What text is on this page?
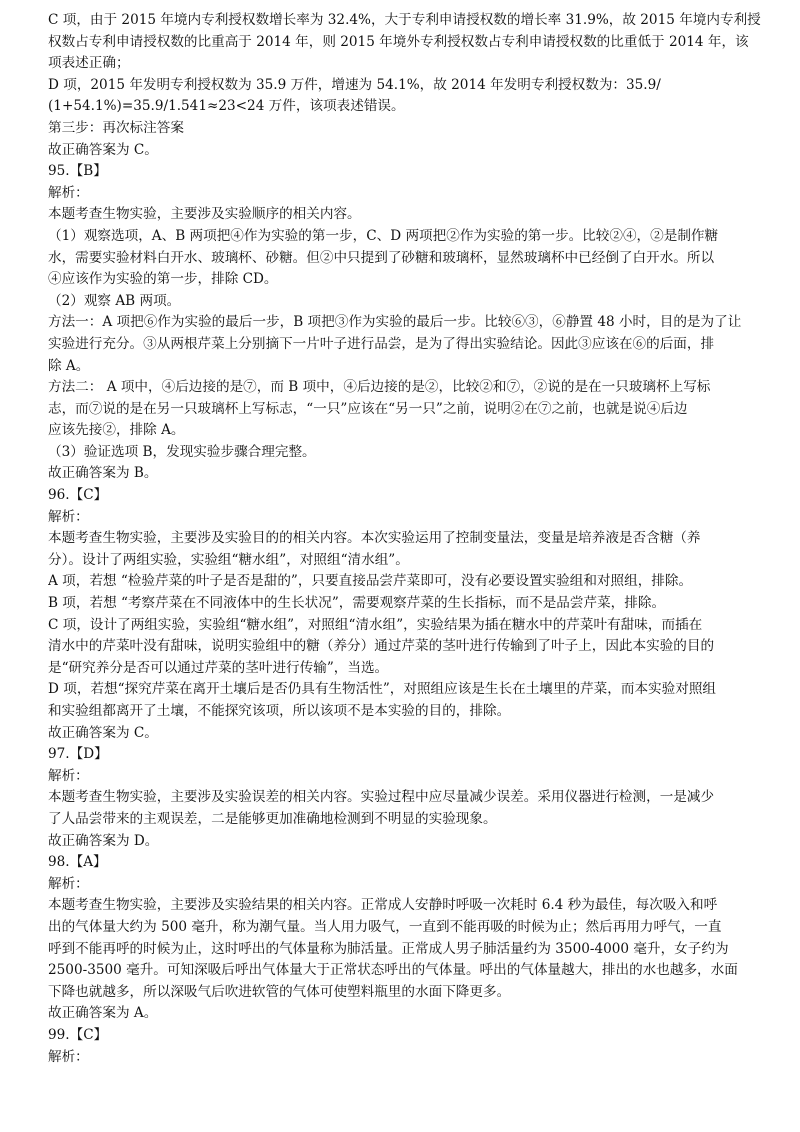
C 项，由于 2015 年境内专利授权数增长率为 32.4%，大于专利申请授权数的增长率 31.9%，故 2015 年境内专利授
权数占专利申请授权数的比重高于 2014 年，则 2015 年境外专利授权数占专利申请授权数的比重低于 2014 年，该
项表述正确；
D 项，2015 年发明专利授权数为 35.9 万件，增速为 54.1%，故 2014 年发明专利授权数为：35.9/
(1+54.1%)=35.9/1.541≈23<24 万件，该项表述错误。
第三步：再次标注答案
故正确答案为 C。
95.【B】
解析：
本题考查生物实验，主要涉及实验顺序的相关内容。
（1）观察选项，A、B 两项把④作为实验的第一步，C、D 两项把②作为实验的第一步。比较②④，②是制作糖
水，需要实验材料白开水、玻璃杯、砂糖。但②中只提到了砂糖和玻璃杯，显然玻璃杯中已经倒了白开水。所以
④应该作为实验的第一步，排除 CD。
（2）观察 AB 两项。
方法一：A 项把⑥作为实验的最后一步，B 项把③作为实验的最后一步。比较⑥③，⑥静置 48 小时，目的是为了让
实验进行充分。③从两根芹菜上分别摘下一片叶子进行品尝，是为了得出实验结论。因此③应该在⑥的后面，排
除 A。
方法二： A 项中，④后边接的是⑦，而 B 项中，④后边接的是②，比较②和⑦，②说的是在一只玻璃杯上写标
志，而⑦说的是在另一只玻璃杯上写标志，“一只”应该在“另一只”之前，说明②在⑦之前，也就是说④后边
应该先接②，排除 A。
（3）验证选项 B，发现实验步骤合理完整。
故正确答案为 B。
96.【C】
解析：
本题考查生物实验，主要涉及实验目的的相关内容。本次实验运用了控制变量法，变量是培养液是否含糖（养
分）。设计了两组实验，实验组“糖水组”，对照组“清水组”。
A 项，若想 “检验芹菜的叶子是否是甜的”，只要直接品尝芹菜即可，没有必要设置实验组和对照组，排除。
B 项，若想 “考察芹菜在不同液体中的生长状况”，需要观察芹菜的生长指标，而不是品尝芹菜，排除。
C 项，设计了两组实验，实验组“糖水组”，对照组“清水组”，实验结果为插在糖水中的芹菜叶有甜味，而插在
清水中的芹菜叶没有甜味，说明实验组中的糖（养分）通过芹菜的茎叶进行传输到了叶子上，因此本实验的目的
是“研究养分是否可以通过芹菜的茎叶进行传输”，当选。
D 项，若想“探究芹菜在离开土壤后是否仍具有生物活性”，对照组应该是生长在土壤里的芹菜，而本实验对照组
和实验组都离开了土壤，不能探究该项，所以该项不是本实验的目的，排除。
故正确答案为 C。
97.【D】
解析：
本题考查生物实验，主要涉及实验误差的相关内容。实验过程中应尽量减少误差。采用仪器进行检测，一是减少
了人品尝带来的主观误差，二是能够更加准确地检测到不明显的实验现象。
故正确答案为 D。
98.【A】
解析：
本题考查生物实验，主要涉及实验结果的相关内容。正常成人安静时呼吸一次耗时 6.4 秒为最佳，每次吸入和呼
出的气体量大约为 500 毫升，称为潮气量。当人用力吸气，一直到不能再吸的时候为止；然后再用力呼气，一直
呼到不能再呼的时候为止，这时呼出的气体量称为肺活量。正常成人男子肺活量约为 3500-4000 毫升，女子约为
2500-3500 毫升。可知深吸后呼出气体量大于正常状态呼出的气体量。呼出的气体量越大，排出的水也越多，水面
下降也就越多，所以深吸气后吹进软管的气体可使塑料瓶里的水面下降更多。
故正确答案为 A。
99.【C】
解析：
